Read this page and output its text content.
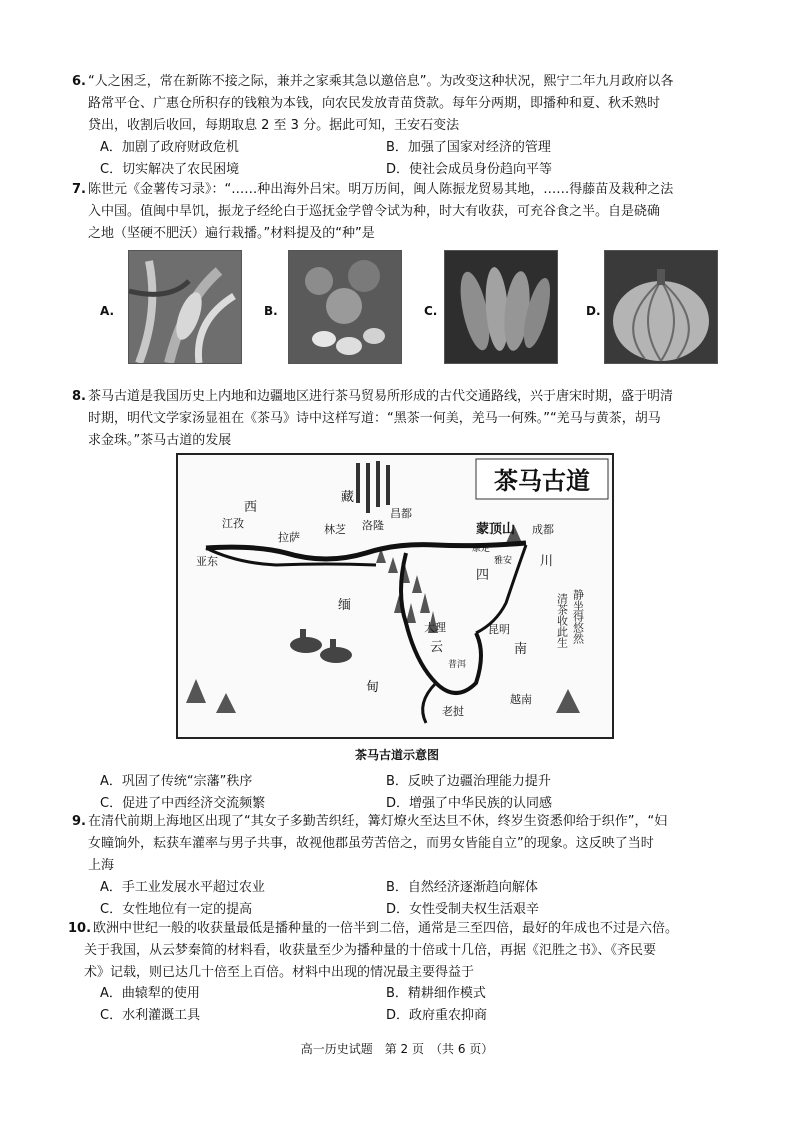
6. “人之困乏，常在新陈不接之际，兼并之家乘其急以邀倍息”。为改变这种状况，熙宁二年九月政府以各
路常平仓、广惠仓所积存的钱粮为本钱，向农民发放青苗贷款。每年分两期，即播种和夏、秋禾熟时
贷出，收割后收回，每期取息 2 至 3 分。据此可知，王安石变法
A．加剧了政府财政危机	B．加强了国家对经济的管理
C．切实解决了农民困境	D．使社会成员身份趋向平等
7. 陈世元《金薯传习录》：“……种出海外吕宋。明万历间，闽人陈振龙贸易其地，……得藤苗及栽种之法
入中国。值闽中旱饥，振龙子经纶白于巡抚金学曾令试为种，时大有收获，可充谷食之半。自是硗确
之地（坚硬不肥沃）遍行栽播。”材料提及的“种”是
A.	B.	C.	D.
8. 茶马古道是我国历史上内地和边疆地区进行茶马贸易所形成的古代交通路线，兴于唐宋时期，盛于明清
时期，明代文学家汤显祖在《茶马》诗中这样写道：“黑茶一何美，羌马一何殊。”“羌马与黄茶，胡马
求金珠。”茶马古道的发展
茶马古道
西
藏
江孜
拉萨
林芝 洛隆
昌都
蒙顶山 成都
亚东
康定
雅安
四
川
缅
甸
大理
云
昆明
普洱
南
越南
老挝
清茶收此生 静坐得悠然
茶马古道示意图
A．巩固了传统“宗藩”秩序	B．反映了边疆治理能力提升
C．促进了中西经济交流频繁	D．增强了中华民族的认同感
9. 在清代前期上海地区出现了“其女子多勤苦织纴，篝灯燎火至达旦不休，终岁生资悉仰给于织作”，“妇
女瞳饷外，耘获车灌率与男子共事，故视他郡虽劳苦倍之，而男女皆能自立”的现象。这反映了当时
上海
A．手工业发展水平超过农业	B．自然经济逐渐趋向解体
C．女性地位有一定的提高	D．女性受制夫权生活艰辛
10. 欧洲中世纪一般的收获量最低是播种量的一倍半到二倍，通常是三至四倍，最好的年成也不过是六倍。
关于我国，从云梦秦简的材料看，收获量至少为播种量的十倍或十几倍，再据《氾胜之书》、《齐民要
术》记载，则已达几十倍至上百倍。材料中出现的情况最主要得益于
A．曲辕犁的使用	B．精耕细作模式
C．水利灌溉工具	D．政府重农抑商
高一历史试题　第 2 页　（共 6 页）
